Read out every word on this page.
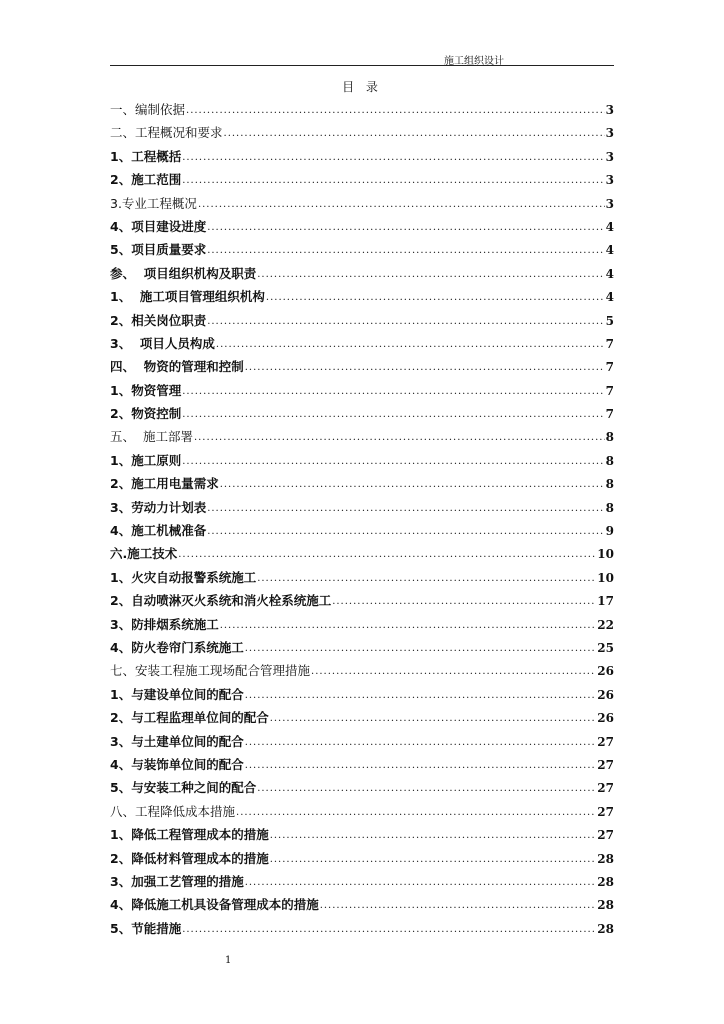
施工组织设计
目 录
一、编制依据 .....	3
二、工程概况和要求 .....	3
1、工程概括 .....	3
2、施工范围 .....	3
3.专业工程概况 .....	3
4、项目建设进度 .....	4
5、项目质量要求 .....	4
参、  项目组织机构及职责 .....	4
1、  施工项目管理组织机构 .....	4
2、相关岗位职责 .....	5
3、  项目人员构成 .....	7
四、  物资的管理和控制 .....	7
1、物资管理 .....	7
2、物资控制 .....	7
五、  施工部署 .....	8
1、施工原则 .....	8
2、施工用电量需求 .....	8
3、劳动力计划表 .....	8
4、施工机械准备 .....	9
六.施工技术 .....	10
1、火灾自动报警系统施工 .....	10
2、自动喷淋灭火系统和消火栓系统施工 .....	17
3、防排烟系统施工 .....	22
4、防火卷帘门系统施工 .....	25
七、安装工程施工现场配合管理措施 .....	26
1、与建设单位间的配合 .....	26
2、与工程监理单位间的配合 .....	26
3、与土建单位间的配合 .....	27
4、与装饰单位间的配合 .....	27
5、与安装工种之间的配合 .....	27
八、工程降低成本措施 .....	27
1、降低工程管理成本的措施 .....	27
2、降低材料管理成本的措施 .....	28
3、加强工艺管理的措施 .....	28
4、降低施工机具设备管理成本的措施 .....	28
5、节能措施 .....	28
1
